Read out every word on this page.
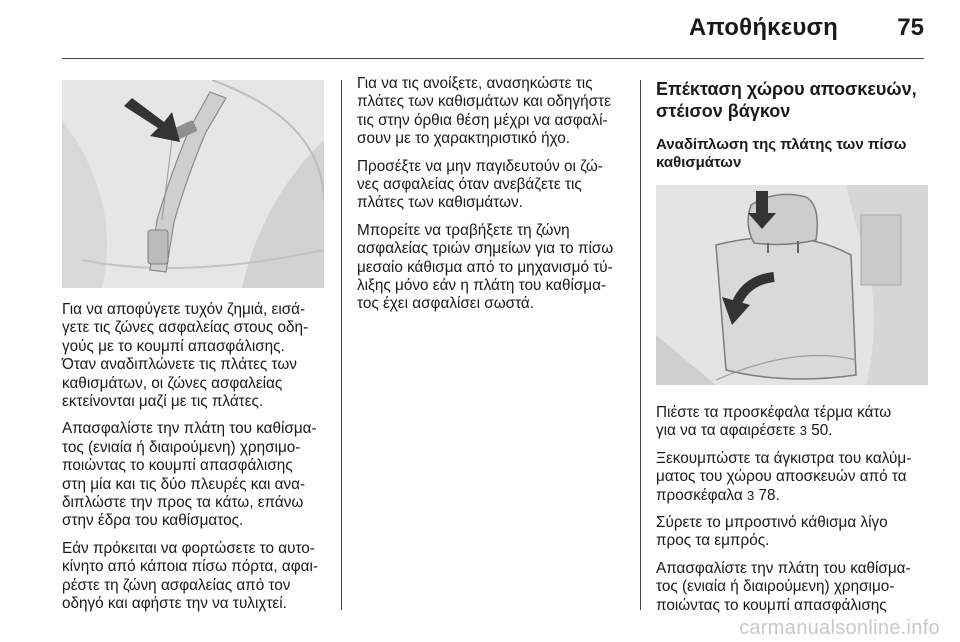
Αποθήκευση 75

Για να αποφύγετε τυχόν ζημιά, εισά-
γετε τις ζώνες ασφαλείας στους οδη-
γούς με το κουμπί απασφάλισης.
Όταν αναδιπλώνετε τις πλάτες των
καθισμάτων, οι ζώνες ασφαλείας
εκτείνονται μαζί με τις πλάτες.

Απασφαλίστε την πλάτη του καθίσμα-
τος (ενιαία ή διαιρούμενη) χρησιμο-
ποιώντας το κουμπί απασφάλισης
στη μία και τις δύο πλευρές και ανα-
διπλώστε την προς τα κάτω, επάνω
στην έδρα του καθίσματος.

Εάν πρόκειται να φορτώσετε το αυτο-
κίνητο από κάποια πίσω πόρτα, αφαι-
ρέστε τη ζώνη ασφαλείας από τον
οδηγό και αφήστε την να τυλιχτεί.

Για να τις ανοίξετε, ανασηκώστε τις
πλάτες των καθισμάτων και οδηγήστε
τις στην όρθια θέση μέχρι να ασφαλί-
σουν με το χαρακτηριστικό ήχο.

Προσέξτε να μην παγιδευτούν οι ζώ-
νες ασφαλείας όταν ανεβάζετε τις
πλάτες των καθισμάτων.

Μπορείτε να τραβήξετε τη ζώνη
ασφαλείας τριών σημείων για το πίσω
μεσαίο κάθισμα από το μηχανισμό τύ-
λιξης μόνο εάν η πλάτη του καθίσμα-
τος έχει ασφαλίσει σωστά.

Επέκταση χώρου αποσκευών,
στέισον βάγκον
Αναδίπλωση της πλάτης των πίσω
καθισμάτων

Πιέστε τα προσκέφαλα τέρμα κάτω
για να τα αφαιρέσετε 3 50.

Ξεκουμπώστε τα άγκιστρα του καλύμ-
ματος του χώρου αποσκευών από τα
προσκέφαλα 3 78.

Σύρετε το μπροστινό κάθισμα λίγο
προς τα εμπρός.

Απασφαλίστε την πλάτη του καθίσμα-
τος (ενιαία ή διαιρούμενη) χρησιμο-
ποιώντας το κουμπί απασφάλισης

carmanualsonline.info
